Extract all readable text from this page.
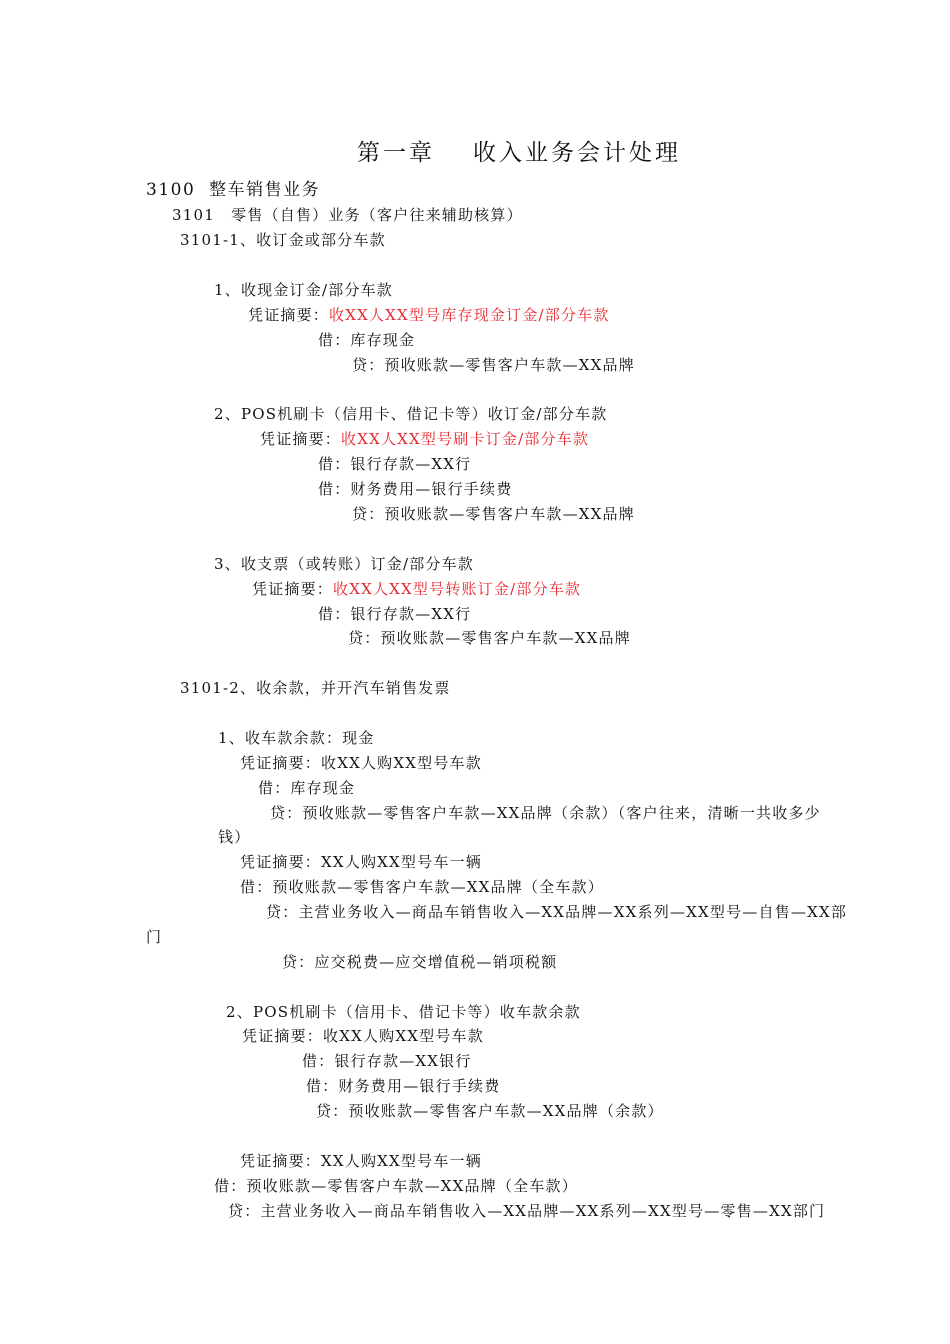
第一章 收入业务会计处理
3100 整车销售业务
3101　零售（自售）业务（客户往来辅助核算）
3101-1、收订金或部分车款
1、收现金订金/部分车款
凭证摘要：收XX人XX型号库存现金订金/部分车款
借：库存现金
贷：预收账款—零售客户车款—XX品牌
2、POS机刷卡（信用卡、借记卡等）收订金/部分车款
凭证摘要：收XX人XX型号刷卡订金/部分车款
借：银行存款—XX行
借：财务费用—银行手续费
贷：预收账款—零售客户车款—XX品牌
3、收支票（或转账）订金/部分车款
凭证摘要：收XX人XX型号转账订金/部分车款
借：银行存款—XX行
贷：预收账款—零售客户车款—XX品牌
3101-2、收余款，并开汽车销售发票
1、收车款余款：现金
凭证摘要：收XX人购XX型号车款
借：库存现金
贷：预收账款—零售客户车款—XX品牌（余款）（客户往来，清晰一共收多少
钱）
凭证摘要：XX人购XX型号车一辆
借：预收账款—零售客户车款—XX品牌（全车款）
贷：主营业务收入—商品车销售收入—XX品牌—XX系列—XX型号—自售—XX部
门
贷：应交税费—应交增值税—销项税额
2、POS机刷卡（信用卡、借记卡等）收车款余款
凭证摘要：收XX人购XX型号车款
借：银行存款—XX银行
借：财务费用—银行手续费
贷：预收账款—零售客户车款—XX品牌（余款）
凭证摘要：XX人购XX型号车一辆
借：预收账款—零售客户车款—XX品牌（全车款）
贷：主营业务收入—商品车销售收入—XX品牌—XX系列—XX型号—零售—XX部门
